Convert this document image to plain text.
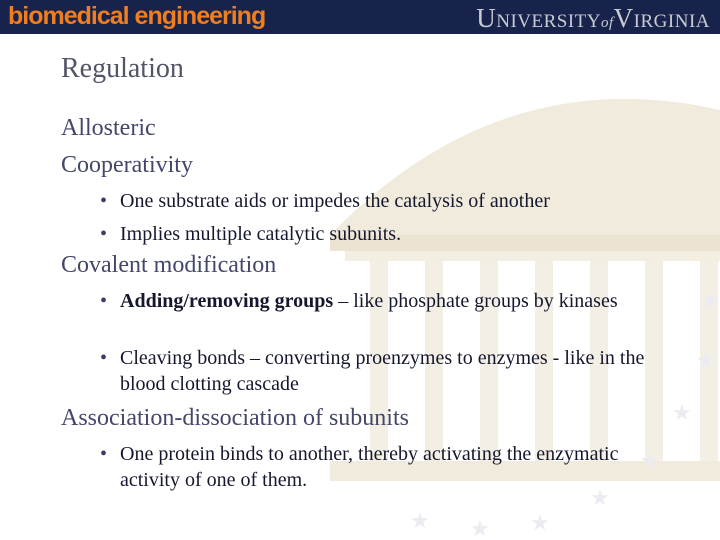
★
★
★
★
★
★
★
★
biomedical engineering	UNIVERSITYofVIRGINIA
Regulation
Allosteric
Cooperativity
• One substrate aids or impedes the catalysis of another
• Implies multiple catalytic subunits.
Covalent modification
• Adding/removing groups – like phosphate groups by kinases
• Cleaving bonds – converting proenzymes to enzymes - like in the blood clotting cascade
Association-dissociation of subunits
• One protein binds to another, thereby activating the enzymatic activity of one of them.
